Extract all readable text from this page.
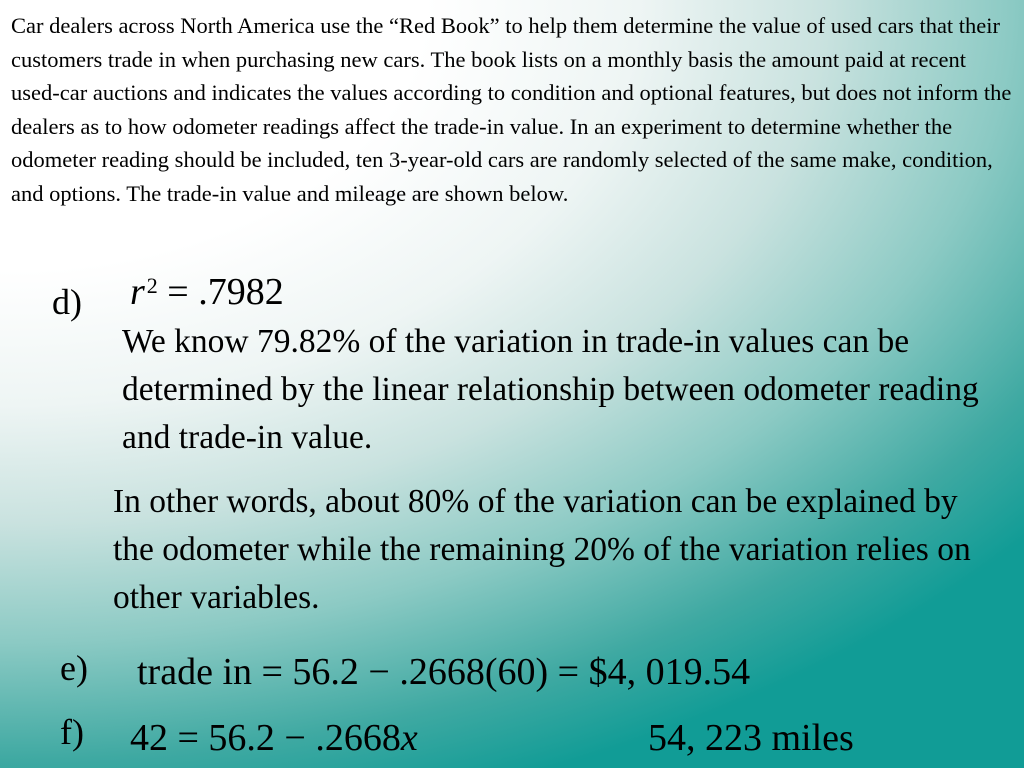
Car dealers across North America use the “Red Book” to help them determine the value of used cars that their customers trade in when purchasing new cars. The book lists on a monthly basis the amount paid at recent used-car auctions and indicates the values according to condition and optional features, but does not inform the dealers as to how odometer readings affect the trade-in value. In an experiment to determine whether the odometer reading should be included, ten 3-year-old cars are randomly selected of the same make, condition, and options. The trade-in value and mileage are shown below.

d) $r^2 = .7982$

We know 79.82% of the variation in trade-in values can be determined by the linear relationship between odometer reading and trade-in value.

In other words, about 80% of the variation can be explained by the odometer while the remaining 20% of the variation relies on other variables.

e) trade in = 56.2 − .2668(60) = $4, 019.54
f) 42 = 56.2 − .2668x	54, 223 miles
